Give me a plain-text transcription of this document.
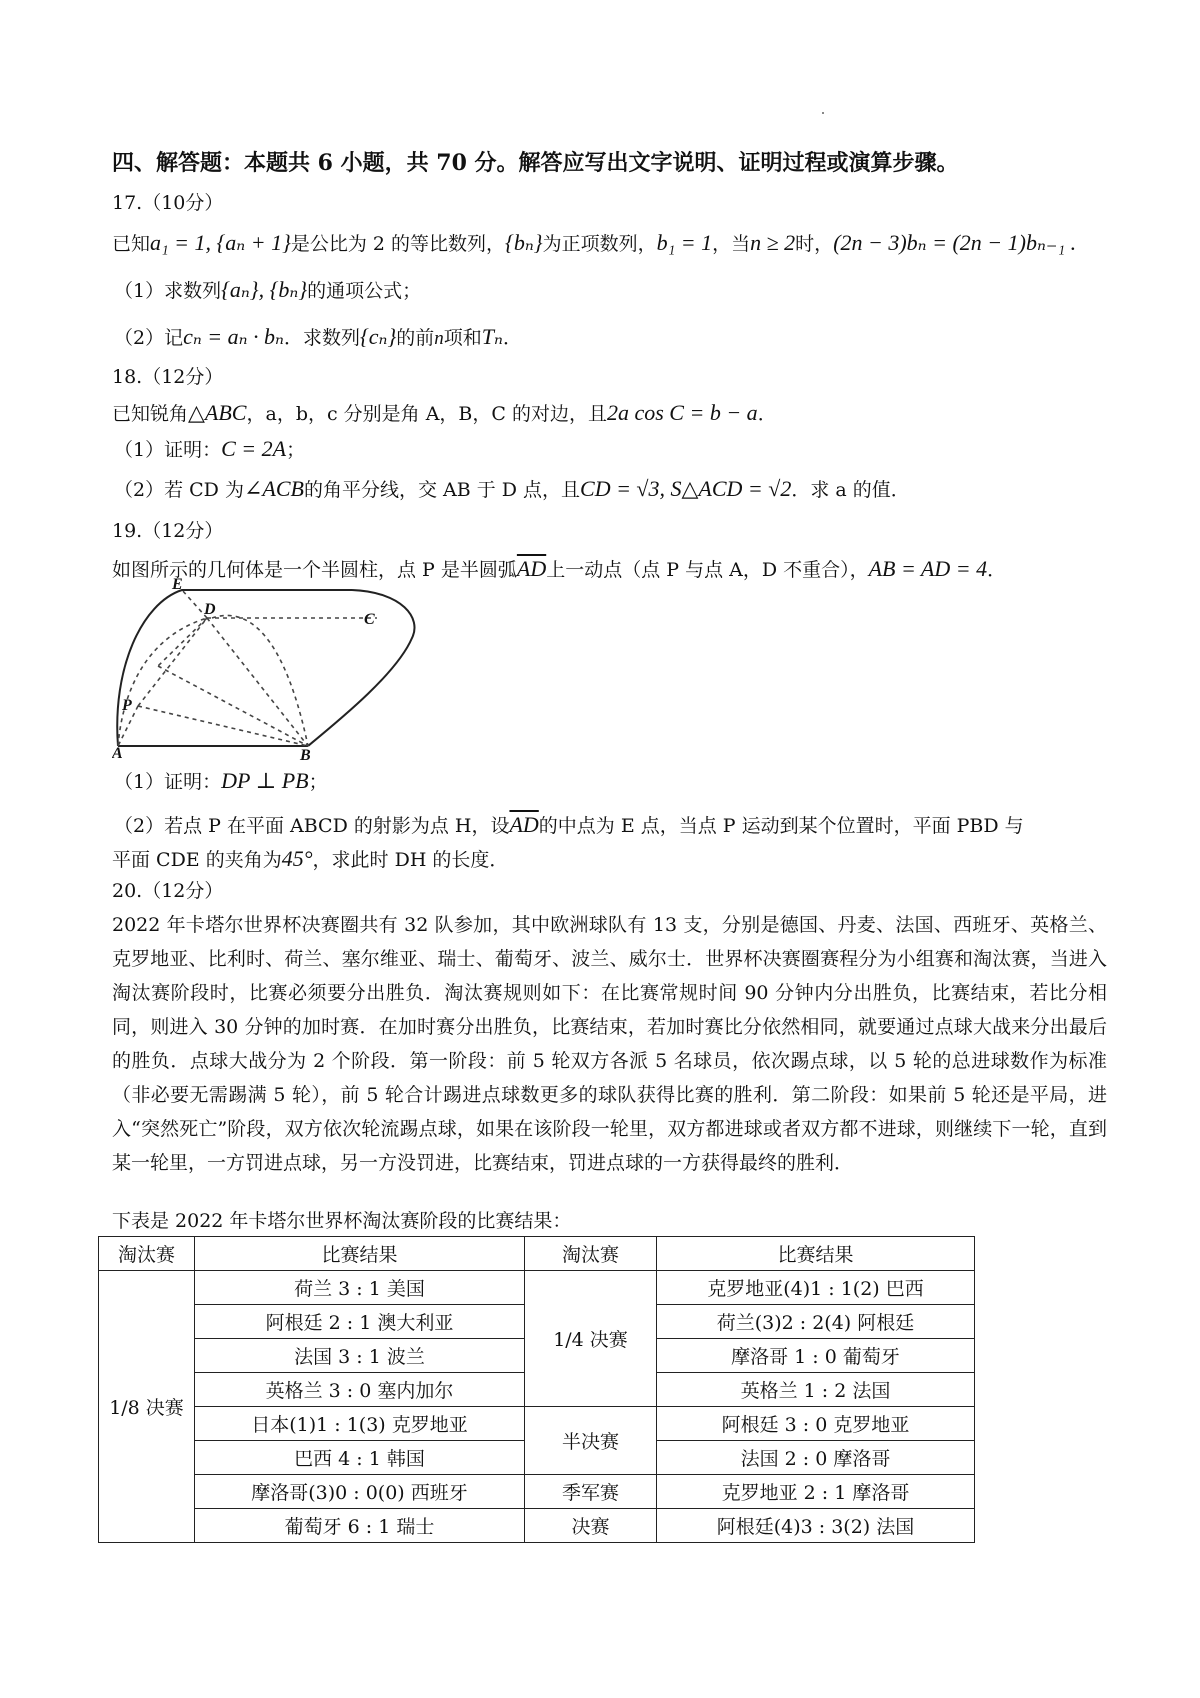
四、解答题：本题共 6 小题，共 70 分。解答应写出文字说明、证明过程或演算步骤。
17.（10分）
已知a₁ = 1, {aₙ + 1}是公比为 2 的等比数列，{bₙ}为正项数列，b₁ = 1，当n ≥ 2时，(2n − 3)bₙ = (2n − 1)bₙ₋₁ .
（1）求数列{aₙ}, {bₙ}的通项公式；
（2）记cₙ = aₙ · bₙ．求数列{cₙ}的前n项和Tₙ．
18.（12分）
已知锐角△ABC，a，b，c 分别是角 A，B，C 的对边，且2a cos C = b − a．
（1）证明：C = 2A；
（2）若 CD 为∠ACB的角平分线，交 AB 于 D 点，且CD = √3, S△ACD = √2．求 a 的值．
19.（12分）
如图所示的几何体是一个半圆柱，点 P 是半圆弧$\overline{AD}$上一动点（点 P 与点 A，D 不重合），AB = AD = 4．
E
D
C
P
A	B
（1）证明：DP ⊥ PB；
（2）若点 P 在平面 ABCD 的射影为点 H，设$\overline{AD}$的中点为 E 点，当点 P 运动到某个位置时，平面 PBD 与
平面 CDE 的夹角为45°，求此时 DH 的长度．
20.（12分）
2022 年卡塔尔世界杯决赛圈共有 32 队参加，其中欧洲球队有 13 支，分别是德国、丹麦、法国、西班牙、英格兰、克罗地亚、比利时、荷兰、塞尔维亚、瑞士、葡萄牙、波兰、威尔士．世界杯决赛圈赛程分为小组赛和淘汰赛，当进入淘汰赛阶段时，比赛必须要分出胜负．淘汰赛规则如下：在比赛常规时间 90 分钟内分出胜负，比赛结束，若比分相同，则进入 30 分钟的加时赛．在加时赛分出胜负，比赛结束，若加时赛比分依然相同，就要通过点球大战来分出最后的胜负．点球大战分为 2 个阶段．第一阶段：前 5 轮双方各派 5 名球员，依次踢点球，以 5 轮的总进球数作为标准（非必要无需踢满 5 轮），前 5 轮合计踢进点球数更多的球队获得比赛的胜利．第二阶段：如果前 5 轮还是平局，进入“突然死亡”阶段，双方依次轮流踢点球，如果在该阶段一轮里，双方都进球或者双方都不进球，则继续下一轮，直到某一轮里，一方罚进点球，另一方没罚进，比赛结束，罚进点球的一方获得最终的胜利．
下表是 2022 年卡塔尔世界杯淘汰赛阶段的比赛结果：
淘汰赛	比赛结果	淘汰赛	比赛结果
1/8 决赛	荷兰 3 : 1 美国	1/4 决赛	克罗地亚(4)1 : 1(2) 巴西
	阿根廷 2 : 1 澳大利亚		荷兰(3)2 : 2(4) 阿根廷
	法国 3 : 1 波兰		摩洛哥 1 : 0 葡萄牙
	英格兰 3 : 0 塞内加尔		英格兰 1 : 2 法国
	日本(1)1 : 1(3) 克罗地亚	半决赛	阿根廷 3 : 0 克罗地亚
	巴西 4 : 1 韩国		法国 2 : 0 摩洛哥
	摩洛哥(3)0 : 0(0) 西班牙	季军赛	克罗地亚 2 : 1 摩洛哥
	葡萄牙 6 : 1 瑞士	决赛	阿根廷(4)3 : 3(2) 法国
